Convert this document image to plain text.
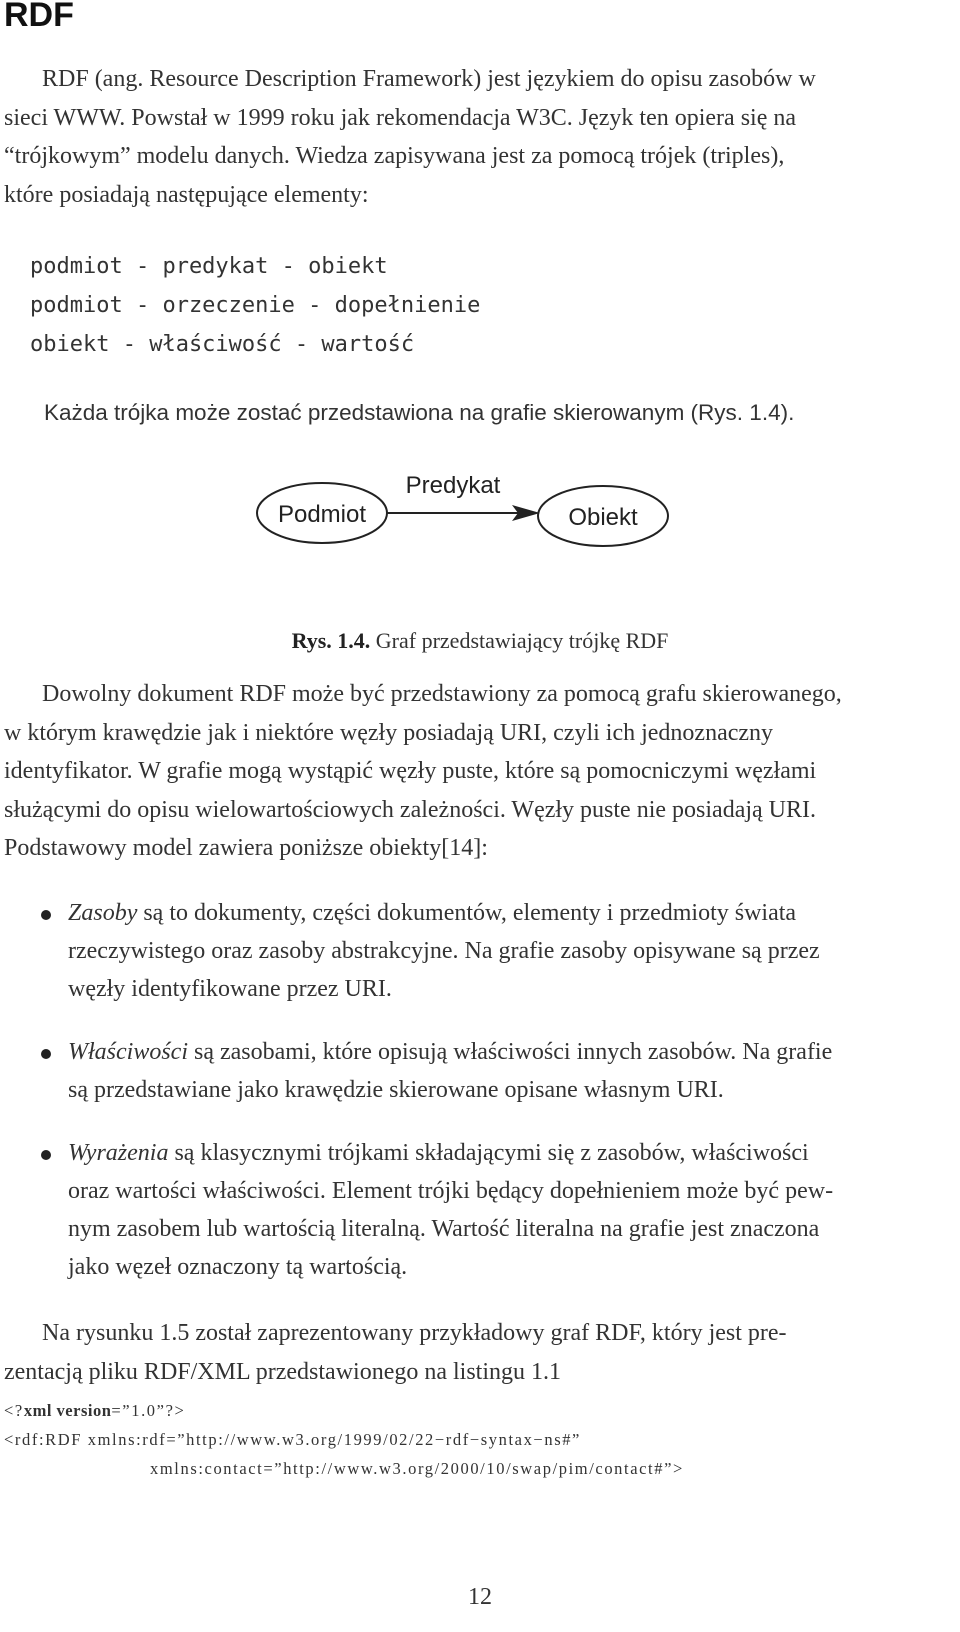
RDF
RDF (ang. Resource Description Framework) jest językiem do opisu zasobów w
sieci WWW. Powstał w 1999 roku jak rekomendacja W3C. Język ten opiera się na
“trójkowym” modelu danych. Wiedza zapisywana jest za pomocą trójek (triples),
które posiadają następujące elementy:

podmiot - predykat - obiekt

podmiot - orzeczenie - dopełnienie

obiekt - właściwość - wartość

Każda trójka może zostać przedstawiona na grafie skierowanym (Rys. 1.4).

Podmiot
Predykat
Obiekt
Rys. 1.4. Graf przedstawiający trójkę RDF
Dowolny dokument RDF może być przedstawiony za pomocą grafu skierowanego,
w którym krawędzie jak i niektóre węzły posiadają URI, czyli ich jednoznaczny
identyfikator. W grafie mogą wystąpić węzły puste, które są pomocniczymi węzłami
służącymi do opisu wielowartościowych zależności. Węzły puste nie posiadają URI.
Podstawowy model zawiera poniższe obiekty[14]:
Zasoby są to dokumenty, części dokumentów, elementy i przedmioty świata
rzeczywistego oraz zasoby abstrakcyjne. Na grafie zasoby opisywane są przez
węzły identyfikowane przez URI.
Właściwości są zasobami, które opisują właściwości innych zasobów. Na grafie
są przedstawiane jako krawędzie skierowane opisane własnym URI.
Wyrażenia są klasycznymi trójkami składającymi się z zasobów, właściwości
oraz wartości właściwości. Element trójki będący dopełnieniem może być pew-
nym zasobem lub wartością literalną. Wartość literalna na grafie jest znaczona
jako węzeł oznaczony tą wartością.
Na rysunku 1.5 został zaprezentowany przykładowy graf RDF, który jest pre-
zentacją pliku RDF/XML przedstawionego na listingu 1.1
<?xml version=”1.0”?>
<rdf:RDF xmlns:rdf=”http://www.w3.org/1999/02/22−rdf−syntax−ns#”
xmlns:contact=”http://www.w3.org/2000/10/swap/pim/contact#”>
12
